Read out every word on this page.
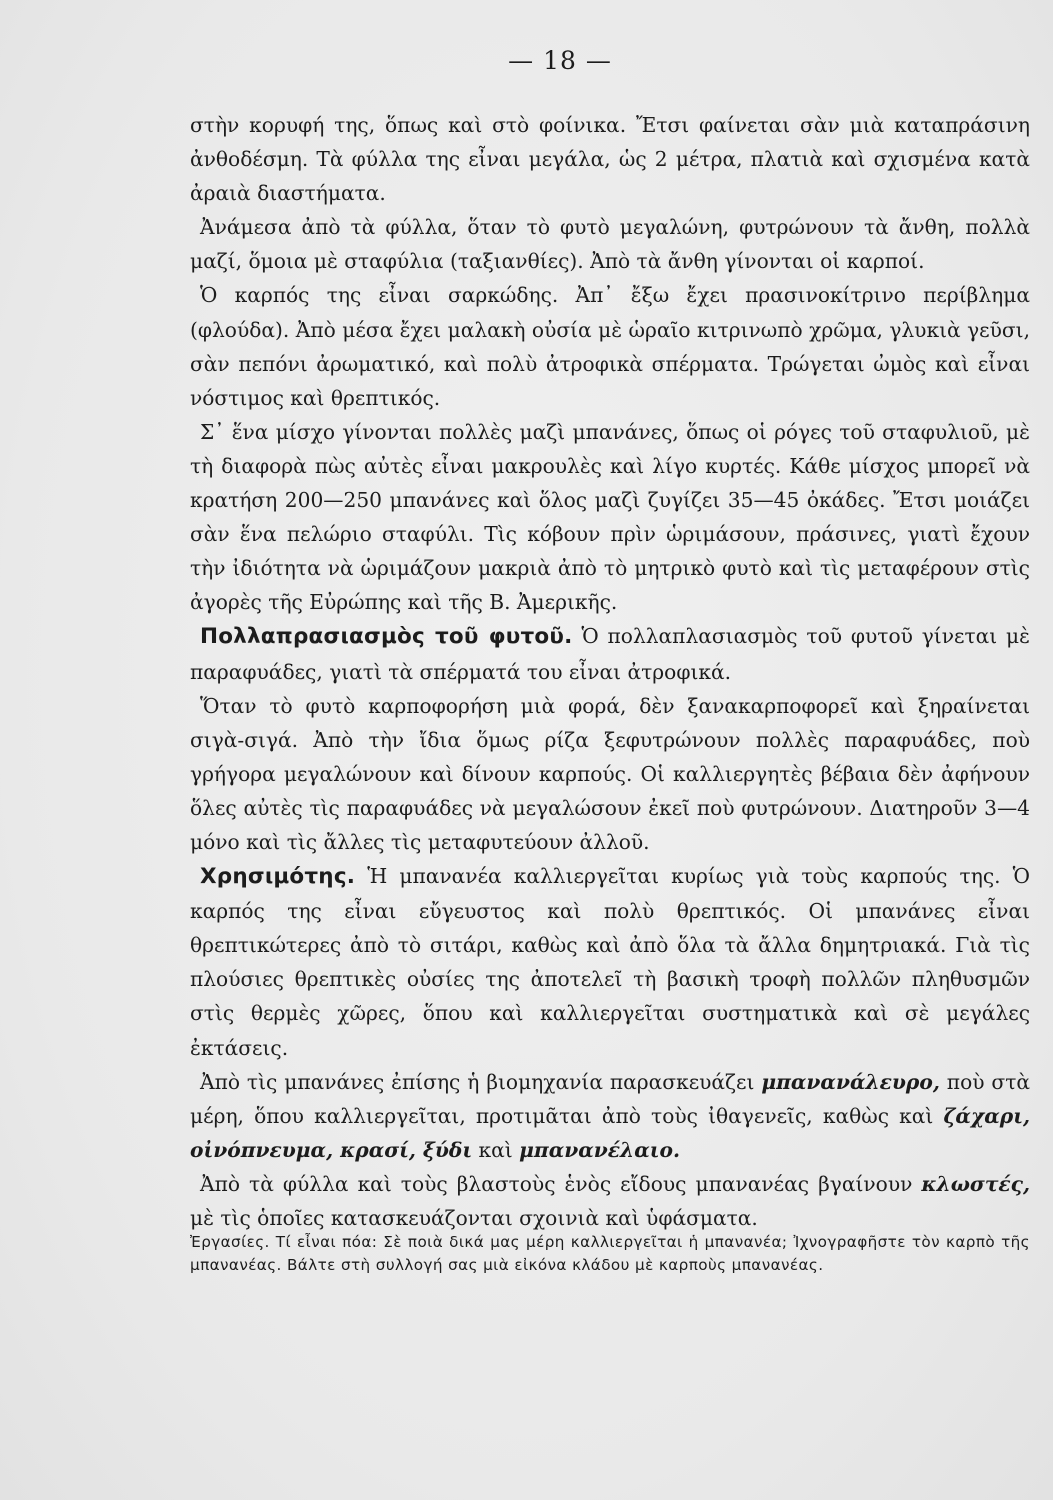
— 18 —

στὴν κορυφή της, ὅπως καὶ στὸ φοίνικα. Ἔτσι φαίνεται σὰν μιὰ καταπράσινη ἀνθοδέσμη. Τὰ φύλλα της εἶναι μεγάλα, ὡς 2 μέτρα, πλατιὰ καὶ σχισμένα κατὰ ἀραιὰ διαστήματα.

Ἀνάμεσα ἀπὸ τὰ φύλλα, ὅταν τὸ φυτὸ μεγαλώνη, φυτρώνουν τὰ ἄνθη, πολλὰ μαζί, ὅμοια μὲ σταφύλια (ταξιανθίες). Ἀπὸ τὰ ἄνθη γίνονται οἱ καρποί.

Ὁ καρπός της εἶναι σαρκώδης. Ἀπ᾽ ἔξω ἔχει πρασινοκίτρινο περίβλημα (φλούδα). Ἀπὸ μέσα ἔχει μαλακὴ οὐσία μὲ ὡραῖο κιτρινωπὸ χρῶμα, γλυκιὰ γεῦσι, σὰν πεπόνι ἀρωματικό, καὶ πολὺ ἀτροφικὰ σπέρματα. Τρώγεται ὠμὸς καὶ εἶναι νόστιμος καὶ θρεπτικός.

Σ᾽ ἕνα μίσχο γίνονται πολλὲς μαζὶ μπανάνες, ὅπως οἱ ρόγες τοῦ σταφυλιοῦ, μὲ τὴ διαφορὰ πὼς αὐτὲς εἶναι μακρουλὲς καὶ λίγο κυρτές. Κάθε μίσχος μπορεῖ νὰ κρατήση 200—250 μπανάνες καὶ ὅλος μαζὶ ζυγίζει 35—45 ὀκάδες. Ἔτσι μοιάζει σὰν ἕνα πελώριο σταφύλι. Τὶς κόβουν πρὶν ὡριμάσουν, πράσινες, γιατὶ ἔχουν τὴν ἰδιότητα νὰ ὡριμάζουν μακριὰ ἀπὸ τὸ μητρικὸ φυτὸ καὶ τὶς μεταφέρουν στὶς ἀγορὲς τῆς Εὐρώπης καὶ τῆς Β. Ἀμερικῆς.

Πολλαπρασιασμὸς τοῦ φυτοῦ. Ὁ πολλαπλασιασμὸς τοῦ φυτοῦ γίνεται μὲ παραφυάδες, γιατὶ τὰ σπέρματά του εἶναι ἀτροφικά.

Ὅταν τὸ φυτὸ καρποφορήση μιὰ φορά, δὲν ξανακαρποφορεῖ καὶ ξηραίνεται σιγὰ-σιγά. Ἀπὸ τὴν ἴδια ὅμως ρίζα ξεφυτρώνουν πολλὲς παραφυάδες, ποὺ γρήγορα μεγαλώνουν καὶ δίνουν καρπούς. Οἱ καλλιεργητὲς βέβαια δὲν ἀφήνουν ὅλες αὐτὲς τὶς παραφυάδες νὰ μεγαλώσουν ἐκεῖ ποὺ φυτρώνουν. Διατηροῦν 3—4 μόνο καὶ τὶς ἄλλες τὶς μεταφυτεύουν ἀλλοῦ.

Χρησιμότης. Ἡ μπανανέα καλλιεργεῖται κυρίως γιὰ τοὺς καρπούς της. Ὁ καρπός της εἶναι εὔγευστος καὶ πολὺ θρεπτικός. Οἱ μπανάνες εἶναι θρεπτικώτερες ἀπὸ τὸ σιτάρι, καθὼς καὶ ἀπὸ ὅλα τὰ ἄλλα δημητριακά. Γιὰ τὶς πλούσιες θρεπτικὲς οὐσίες της ἀποτελεῖ τὴ βασικὴ τροφὴ πολλῶν πληθυσμῶν στὶς θερμὲς χῶρες, ὅπου καὶ καλλιεργεῖται συστηματικὰ καὶ σὲ μεγάλες ἐκτάσεις.

Ἀπὸ τὶς μπανάνες ἐπίσης ἡ βιομηχανία παρασκευάζει μπανανάλευρο, ποὺ στὰ μέρη, ὅπου καλλιεργεῖται, προτιμᾶται ἀπὸ τοὺς ἰθαγενεῖς, καθὼς καὶ ζάχαρι, οἰνόπνευμα, κρασί, ξύδι καὶ μπανανέλαιο.

Ἀπὸ τὰ φύλλα καὶ τοὺς βλαστοὺς ἑνὸς εἴδους μπανανέας βγαίνουν κλωστές, μὲ τὶς ὁποῖες κατασκευάζονται σχοινιὰ καὶ ὑφάσματα.

Ἐργασίες. Τί εἶναι πόα: Σὲ ποιὰ δικά μας μέρη καλλιεργεῖται ἡ μπανανέα; Ἰχνογραφῆστε τὸν καρπὸ τῆς μπανανέας. Βάλτε στὴ συλλογή σας μιὰ εἰκόνα κλάδου μὲ καρποὺς μπανανέας.
